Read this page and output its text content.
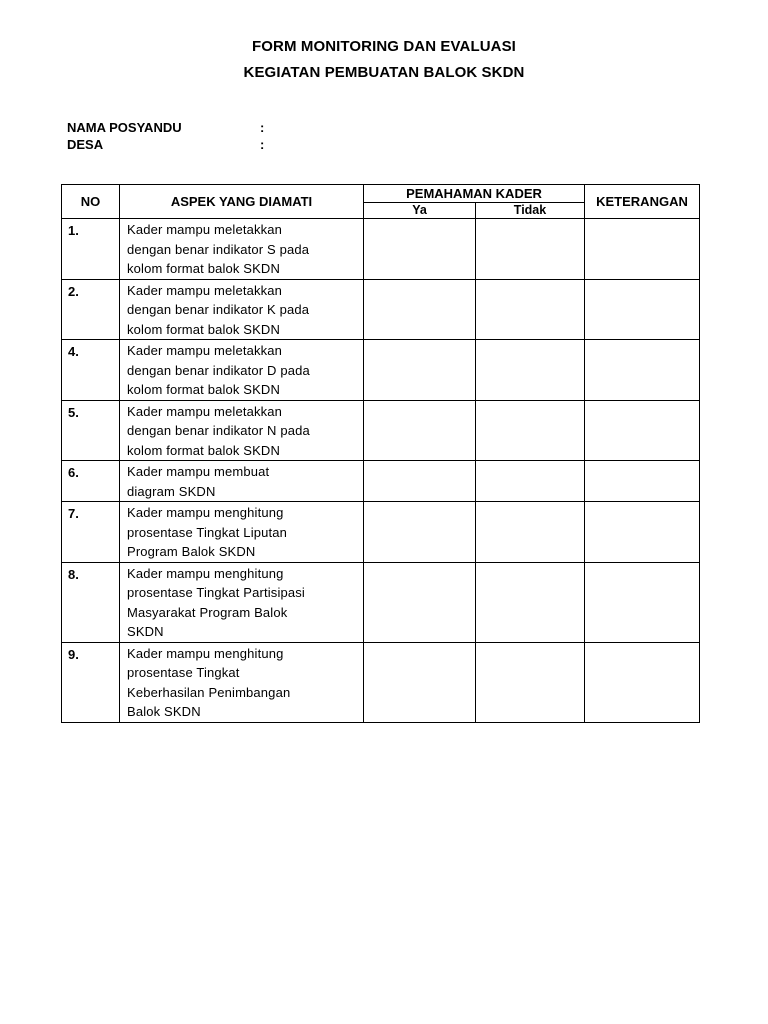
FORM MONITORING DAN EVALUASI
KEGIATAN PEMBUATAN BALOK SKDN
NAMA POSYANDU	:
DESA	:
NO	ASPEK YANG DIAMATI	PEMAHAMAN KADER		KETERANGAN
		Ya	Tidak	
1.	Kader mampu meletakkan
dengan benar indikator S pada
kolom format balok SKDN			

2.	Kader mampu meletakkan
dengan benar indikator K pada
kolom format balok SKDN			

4.	Kader mampu meletakkan
dengan benar indikator D pada
kolom format balok SKDN			

5.	Kader mampu meletakkan
dengan benar indikator N pada
kolom format balok SKDN			

6.	Kader mampu membuat
diagram SKDN			

7.	Kader mampu menghitung
prosentase Tingkat Liputan
Program Balok SKDN			

8.	Kader mampu menghitung
prosentase Tingkat Partisipasi
Masyarakat Program Balok
SKDN			

9.	Kader mampu menghitung
prosentase Tingkat
Keberhasilan Penimbangan
Balok SKDN			
